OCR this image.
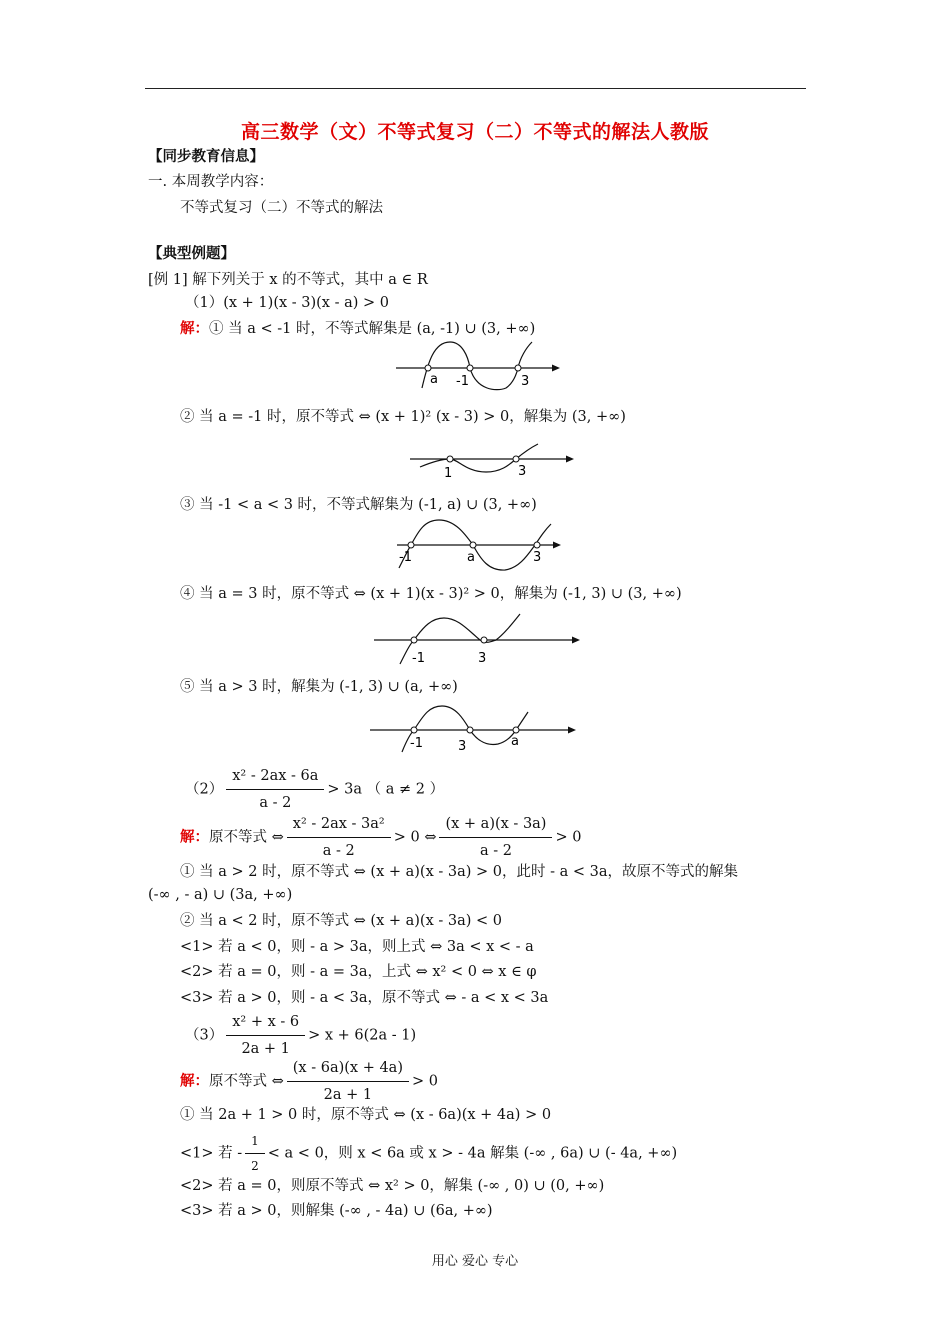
高三数学（文）不等式复习（二）不等式的解法人教版
【同步教育信息】
一. 本周教学内容：
不等式复习（二）不等式的解法
【典型例题】
[例 1] 解下列关于 x 的不等式，其中 a ∈ R
（1）(x + 1)(x - 3)(x - a) > 0
解：① 当 a < -1 时，不等式解集是 (a, -1) ∪ (3, +∞)
a -1	3
② 当 a = -1 时，原不等式 ⇔ (x + 1)² (x - 3) > 0，解集为 (3, +∞)
1	3
③ 当 -1 < a < 3 时，不等式解集为 (-1, a) ∪ (3, +∞)
-1	a	3
④ 当 a = 3 时，原不等式 ⇔ (x + 1)(x - 3)² > 0，解集为 (-1, 3) ∪ (3, +∞)
-1	3
⑤ 当 a > 3 时，解集为 (-1, 3) ∪ (a, +∞)
-1	3	a
$(2) \frac{\text{x² - 2ax - 6a}}{a - 2} > 3a$ （ a ≠ 2 ）
解：原不等式 ⇔ $\frac{\text{x² - 2ax - 3a²}}{a - 2} > 0$ ⇔ $\frac{(x + a)(x - 3a)}{a - 2} > 0$
① 当 a > 2 时，原不等式 ⇔ (x + a)(x - 3a) > 0，此时 - a < 3a，故原不等式的解集
(-∞ , - a) ∪ (3a, +∞)
② 当 a < 2 时，原不等式 ⇔ (x + a)(x - 3a) < 0
<1> 若 a < 0，则 - a > 3a，则上式 ⇔ 3a < x < - a
<2> 若 a = 0，则 - a = 3a，上式 ⇔ x² < 0 ⇔ x ∈ φ
<3> 若 a > 0，则 - a < 3a，原不等式 ⇔ - a < x < 3a
$(3) \frac{\text{x² + x - 6}}{2a + 1} > x + 6(2a - 1)$
解：原不等式 ⇔ $\frac{(x - 6a)(x + 4a)}{2a + 1} > 0$
① 当 2a + 1 > 0 时，原不等式 ⇔ (x - 6a)(x + 4a) > 0
<1> 若 - $\frac{1}{2} < a < 0$，则 x < 6a 或 x > - 4a 解集 (-∞ , 6a) ∪ (- 4a, +∞)
<2> 若 a = 0，则原不等式 ⇔ x² > 0，解集 (-∞ , 0) ∪ (0, +∞)
<3> 若 a > 0，则解集 (-∞ , - 4a) ∪ (6a, +∞)
用心 爱心 专心
